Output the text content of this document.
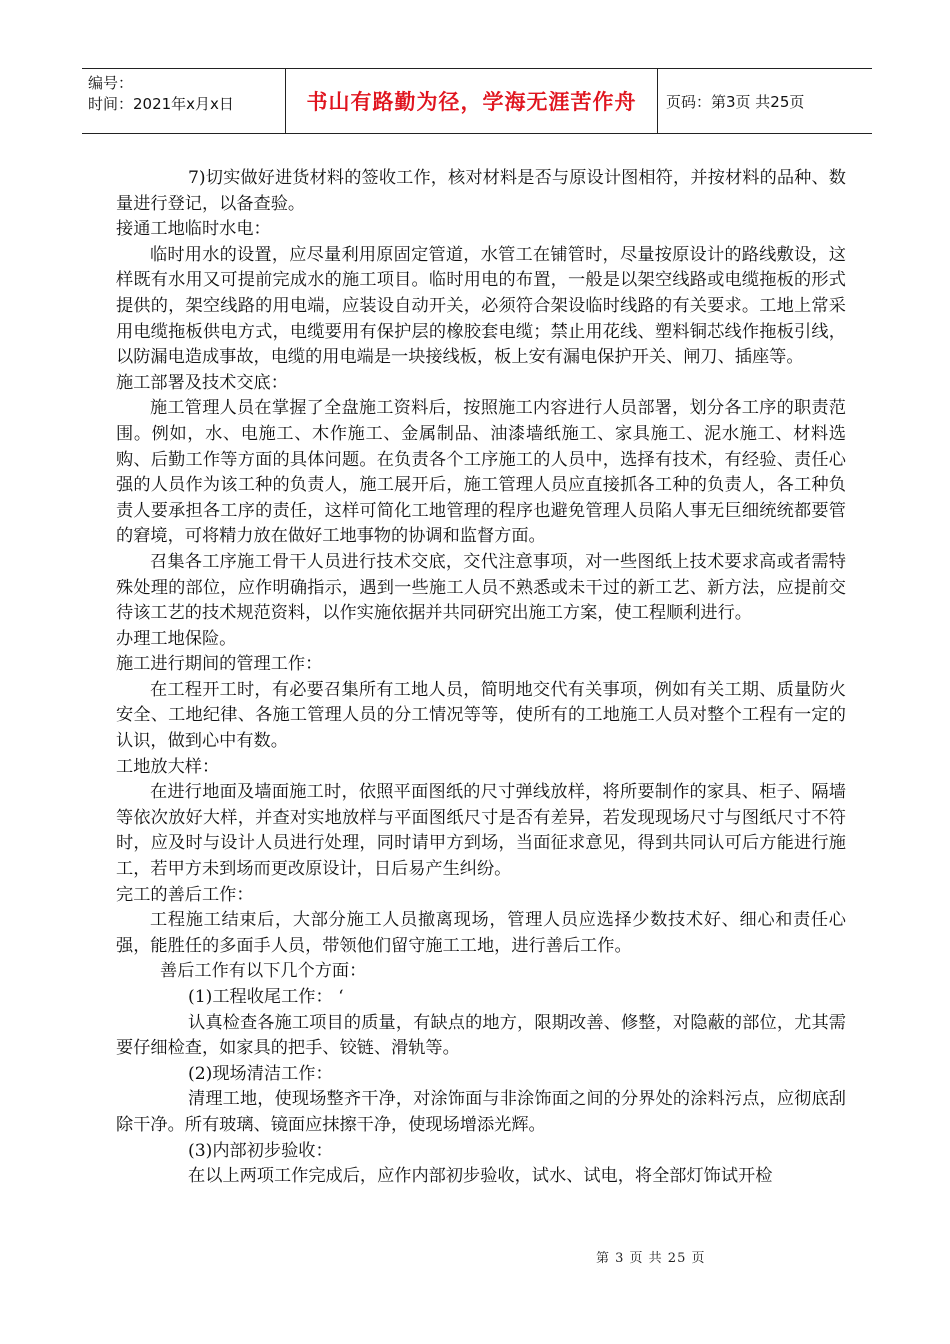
编号：
时间：2021年x月x日	书山有路勤为径，学海无涯苦作舟	页码：第3页 共25页

7)切实做好进货材料的签收工作，核对材料是否与原设计图相符，并按材料的品种、数量进行登记，以备查验。

接通工地临时水电：

临时用水的设置，应尽量利用原固定管道，水管工在铺管时，尽量按原设计的路线敷设，这样既有水用又可提前完成水的施工项目。临时用电的布置，一般是以架空线路或电缆拖板的形式提供的，架空线路的用电端，应装设自动开关，必须符合架设临时线路的有关要求。工地上常采用电缆拖板供电方式，电缆要用有保护层的橡胶套电缆；禁止用花线、塑料铜芯线作拖板引线，以防漏电造成事故，电缆的用电端是一块接线板，板上安有漏电保护开关、闸刀、插座等。

施工部署及技术交底：

施工管理人员在掌握了全盘施工资料后，按照施工内容进行人员部署，划分各工序的职责范围。例如，水、电施工、木作施工、金属制品、油漆墙纸施工、家具施工、泥水施工、材料选购、后勤工作等方面的具体问题。在负责各个工序施工的人员中，选择有技术，有经验、责任心强的人员作为该工种的负责人，施工展开后，施工管理人员应直接抓各工种的负责人，各工种负责人要承担各工序的责任，这样可简化工地管理的程序也避免管理人员陷人事无巨细统统都要管的窘境，可将精力放在做好工地事物的协调和监督方面。

召集各工序施工骨干人员进行技术交底，交代注意事项，对一些图纸上技术要求高或者需特殊处理的部位，应作明确指示，遇到一些施工人员不熟悉或未干过的新工艺、新方法，应提前交待该工艺的技术规范资料，以作实施依据并共同研究出施工方案，使工程顺利进行。

办理工地保险。

施工进行期间的管理工作：

在工程开工时，有必要召集所有工地人员，简明地交代有关事项，例如有关工期、质量防火安全、工地纪律、各施工管理人员的分工情况等等，使所有的工地施工人员对整个工程有一定的认识，做到心中有数。

工地放大样：

在进行地面及墙面施工时，依照平面图纸的尺寸弹线放样，将所要制作的家具、柜子、隔墙等依次放好大样，并查对实地放样与平面图纸尺寸是否有差异，若发现现场尺寸与图纸尺寸不符时，应及时与设计人员进行处理，同时请甲方到场，当面征求意见，得到共同认可后方能进行施工，若甲方未到场而更改原设计，日后易产生纠纷。

完工的善后工作：

工程施工结束后，大部分施工人员撤离现场，管理人员应选择少数技术好、细心和责任心强，能胜任的多面手人员，带领他们留守施工工地，进行善后工作。

善后工作有以下几个方面：

(1)工程收尾工作： ‘

认真检查各施工项目的质量，有缺点的地方，限期改善、修整，对隐蔽的部位，尤其需要仔细检查，如家具的把手、铰链、滑轨等。

(2)现场清洁工作：

清理工地，使现场整齐干净，对涂饰面与非涂饰面之间的分界处的涂料污点，应彻底刮除干净。所有玻璃、镜面应抹擦干净，使现场增添光辉。

(3)内部初步验收：

在以上两项工作完成后，应作内部初步验收，试水、试电，将全部灯饰试开检

第 3 页 共 25 页
